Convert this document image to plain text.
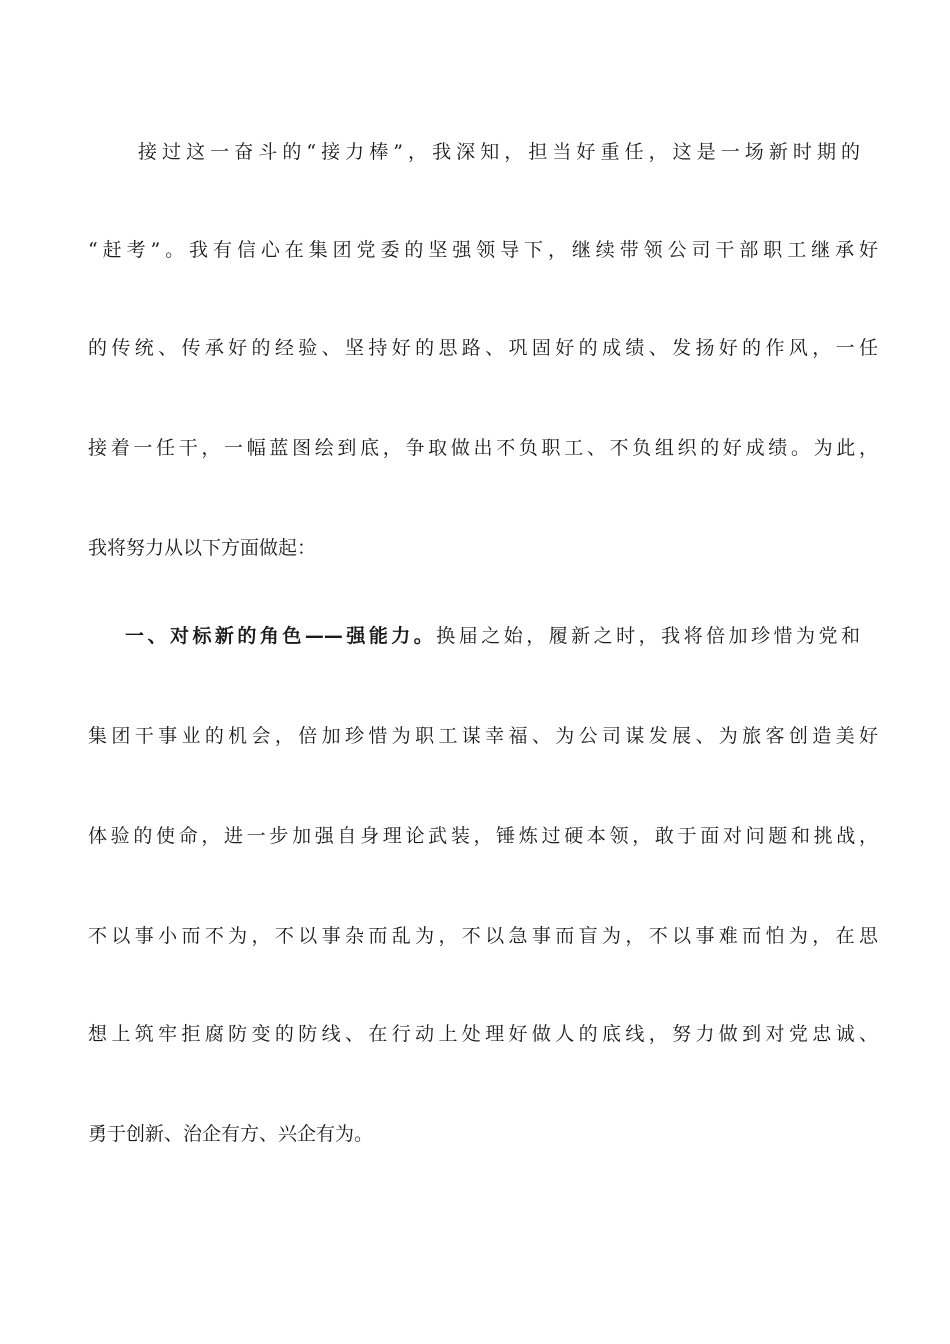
接过这一奋斗的“接力棒”，我深知，担当好重任，这是一场新时期的
“赶考”。我有信心在集团党委的坚强领导下，继续带领公司干部职工继承好
的传统、传承好的经验、坚持好的思路、巩固好的成绩、发扬好的作风，一任
接着一任干，一幅蓝图绘到底，争取做出不负职工、不负组织的好成绩。为此，
我将努力从以下方面做起：
一、对标新的角色——强能力。换届之始，履新之时，我将倍加珍惜为党和
集团干事业的机会，倍加珍惜为职工谋幸福、为公司谋发展、为旅客创造美好
体验的使命，进一步加强自身理论武装，锤炼过硬本领，敢于面对问题和挑战，
不以事小而不为，不以事杂而乱为，不以急事而盲为，不以事难而怕为，在思
想上筑牢拒腐防变的防线、在行动上处理好做人的底线，努力做到对党忠诚、
勇于创新、治企有方、兴企有为。
